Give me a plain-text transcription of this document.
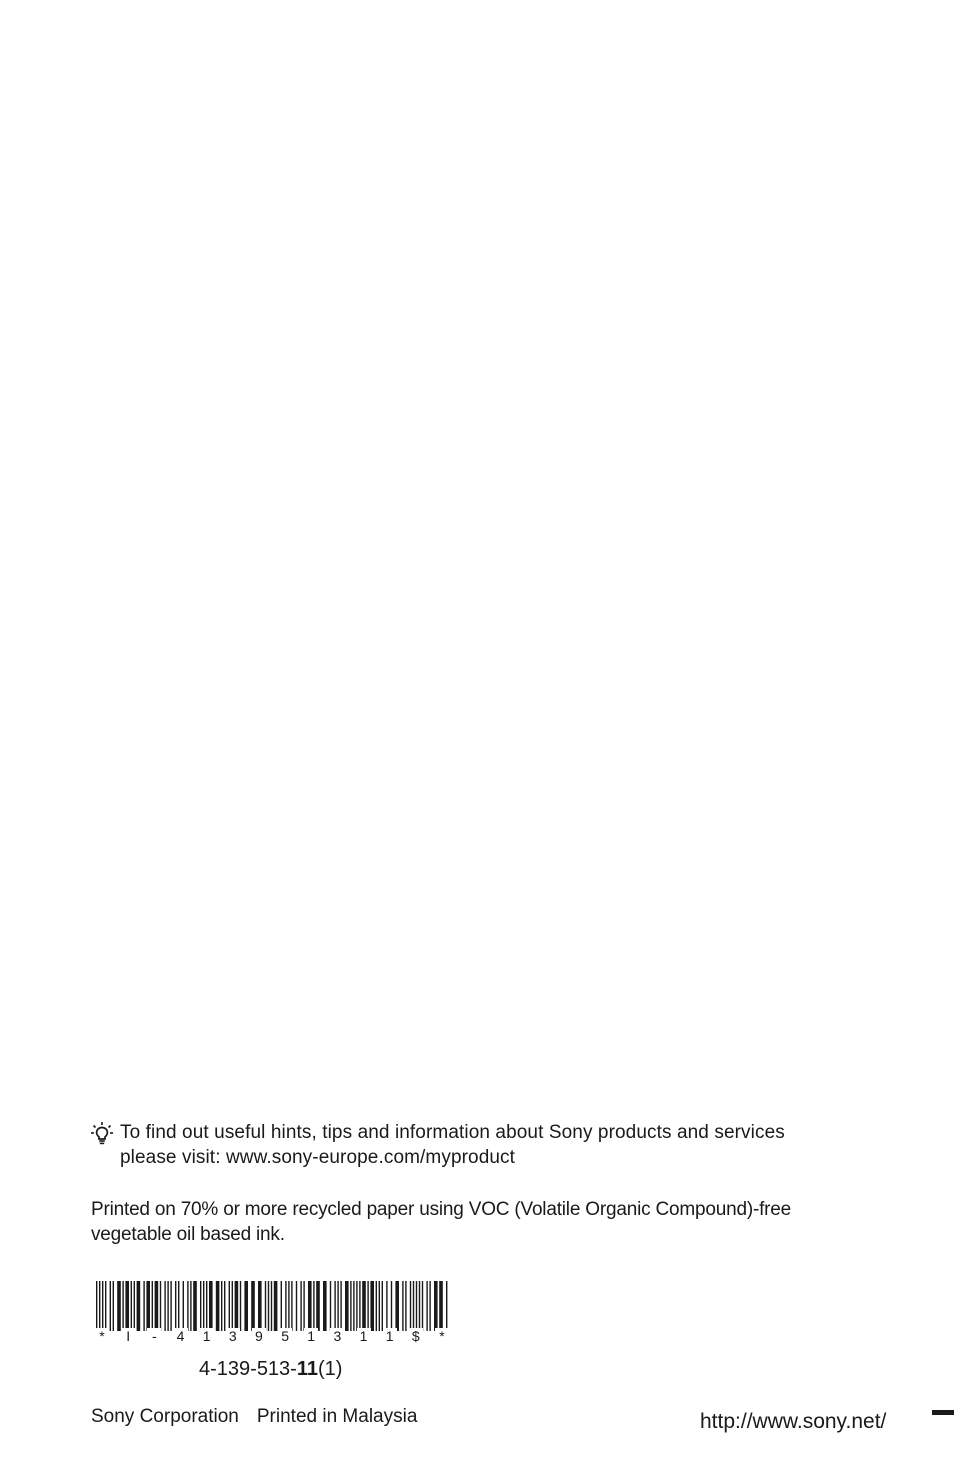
To find out useful hints, tips and information about Sony products and services
please visit: www.sony-europe.com/myproduct
Printed on 70% or more recycled paper using VOC (Volatile Organic Compound)-free
vegetable oil based ink.
*	I	-	4 1 3 9 5 1 3 1 1 $	*
4-139-513-11(1)
Sony Corporation Printed in Malaysia	http://www.sony.net/
